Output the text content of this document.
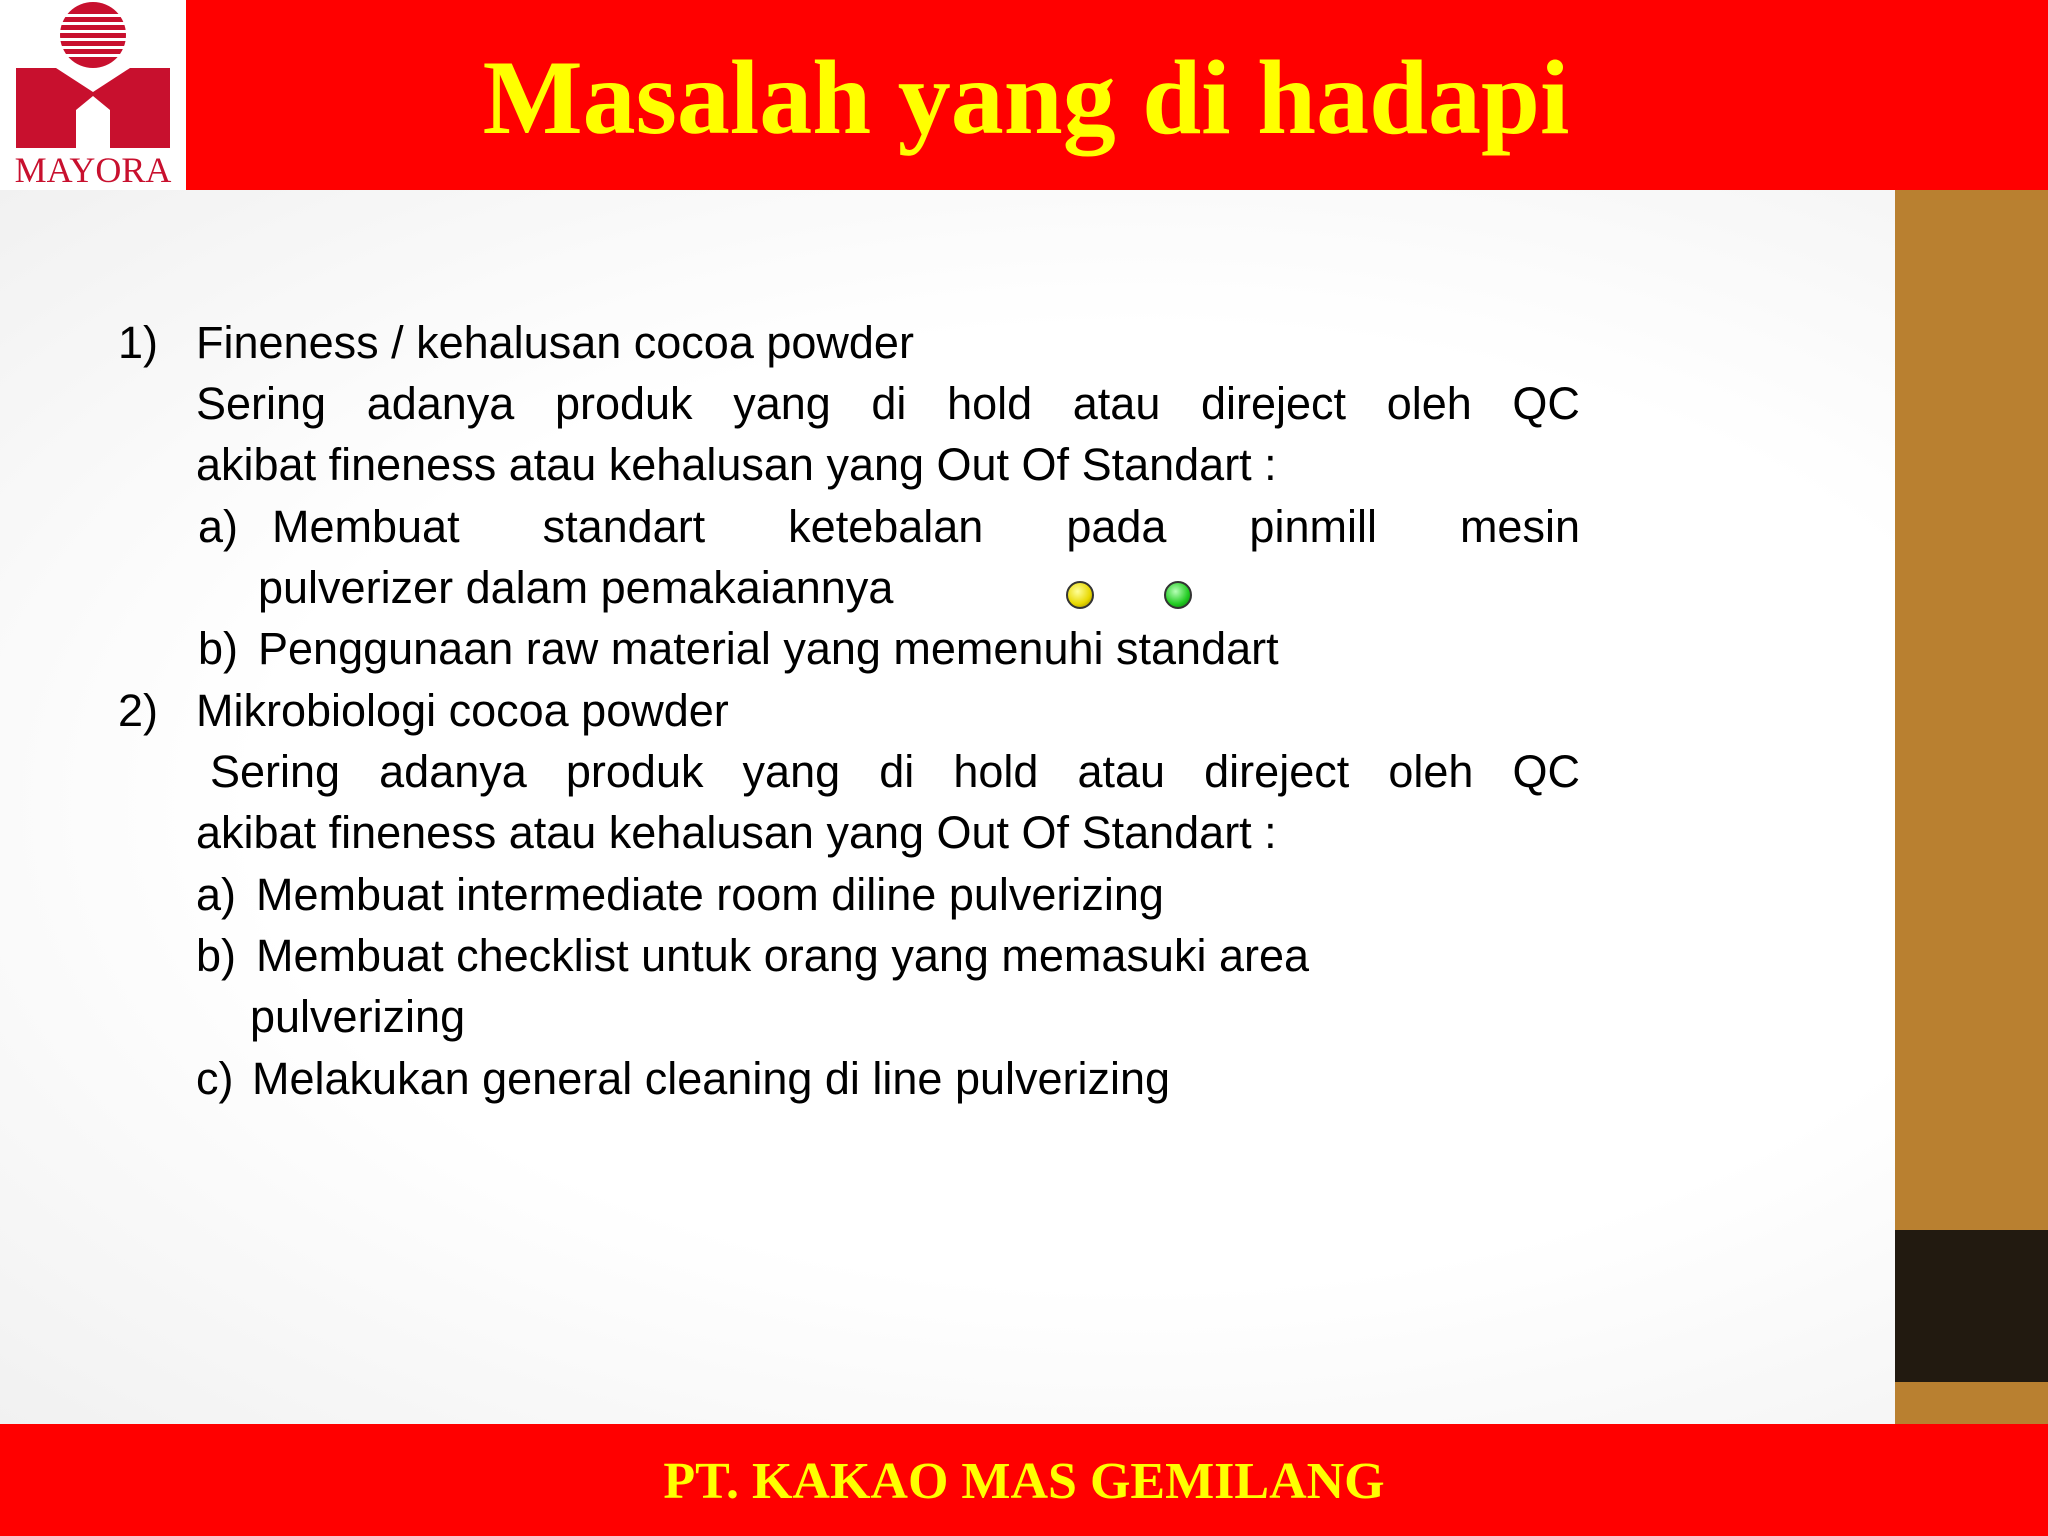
MAYORA
Masalah yang di hadapi
1) Fineness / kehalusan cocoa powder
Sering adanya produk yang di hold atau direject oleh QC
akibat fineness atau kehalusan yang Out Of Standart :
a) Membuat standart ketebalan pada pinmill mesin
pulverizer dalam pemakaiannya
b) Penggunaan raw material yang memenuhi standart
2) Mikrobiologi cocoa powder
Sering adanya produk yang di hold atau direject oleh QC
akibat fineness atau kehalusan yang Out Of Standart :
a) Membuat intermediate room diline pulverizing
b) Membuat checklist untuk orang yang memasuki area
pulverizing
c) Melakukan general cleaning di line pulverizing
PT. KAKAO MAS GEMILANG
